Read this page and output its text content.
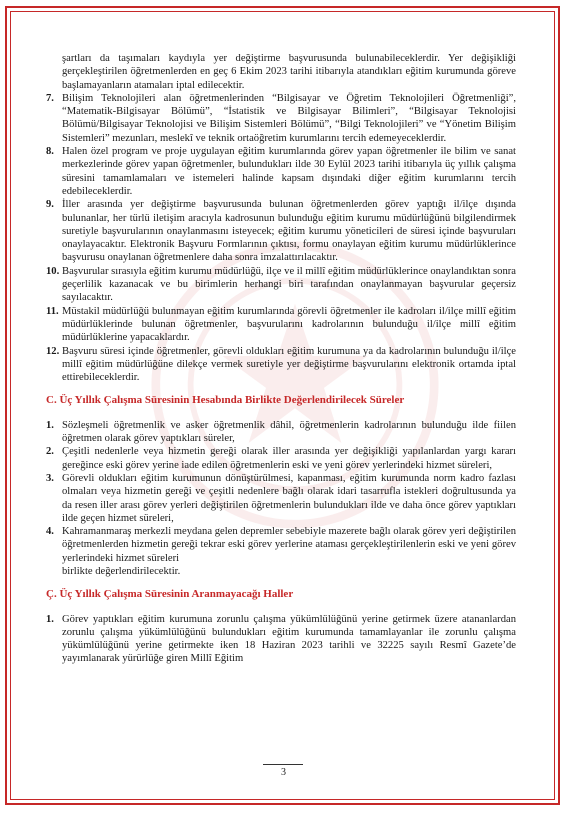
şartları da taşımaları kaydıyla yer değiştirme başvurusunda bulunabileceklerdir. Yer değişikliği gerçekleştirilen öğretmenlerden en geç 6 Ekim 2023 tarihi itibarıyla atandıkları eğitim kurumunda göreve başlamayanların atamaları iptal edilecektir.

7. Bilişim Teknolojileri alan öğretmenlerinden “Bilgisayar ve Öğretim Teknolojileri Öğretmenliği”, “Matematik-Bilgisayar Bölümü”, “İstatistik ve Bilgisayar Bilimleri”, “Bilgisayar Teknolojisi Bölümü/Bilgisayar Teknolojisi ve Bilişim Sistemleri Bölümü”, “Bilgi Teknolojileri” ve “Yönetim Bilişim Sistemleri” mezunları, meslekî ve teknik ortaöğretim kurumlarını tercih edemeyeceklerdir.
8. Halen özel program ve proje uygulayan eğitim kurumlarında görev yapan öğretmenler ile bilim ve sanat merkezlerinde görev yapan öğretmenler, bulundukları ilde 30 Eylül 2023 tarihi itibarıyla üç yıllık çalışma süresini tamamlamaları ve istemeleri halinde kapsam dışındaki diğer eğitim kurumlarını tercih edebileceklerdir.
9. İller arasında yer değiştirme başvurusunda bulunan öğretmenlerden görev yaptığı il/ilçe dışında bulunanlar, her türlü iletişim aracıyla kadrosunun bulunduğu eğitim kurumu müdürlüğünü bilgilendirmek suretiyle başvurularının onaylanmasını isteyecek; eğitim kurumu yöneticileri de süresi içinde başvuruları onaylayacaktır. Elektronik Başvuru Formlarının çıktısı, formu onaylayan eğitim kurumu müdürlüklerince başvurusu onaylanan öğretmenlere daha sonra imzalattırılacaktır.
10. Başvurular sırasıyla eğitim kurumu müdürlüğü, ilçe ve il millî eğitim müdürlüklerince onaylandıktan sonra geçerlilik kazanacak ve bu birimlerin herhangi biri tarafından onaylanmayan başvurular geçersiz sayılacaktır.
11. Müstakil müdürlüğü bulunmayan eğitim kurumlarında görevli öğretmenler ile kadroları il/ilçe millî eğitim müdürlüklerinde bulunan öğretmenler, başvurularını kadrolarının bulunduğu il/ilçe millî eğitim müdürlüklerine yapacaklardır.
12. Başvuru süresi içinde öğretmenler, görevli oldukları eğitim kurumuna ya da kadrolarının bulunduğu il/ilçe millî eğitim müdürlüğüne dilekçe vermek suretiyle yer değiştirme başvurularını elektronik ortamda iptal ettirebileceklerdir.
C. Üç Yıllık Çalışma Süresinin Hesabında Birlikte Değerlendirilecek Süreler
1. Sözleşmeli öğretmenlik ve asker öğretmenlik dâhil, öğretmenlerin kadrolarının bulunduğu ilde fiilen öğretmen olarak görev yaptıkları süreler,
2. Çeşitli nedenlerle veya hizmetin gereği olarak iller arasında yer değişikliği yapılanlardan yargı kararı gereğince eski görev yerine iade edilen öğretmenlerin eski ve yeni görev yerlerindeki hizmet süreleri,
3. Görevli oldukları eğitim kurumunun dönüştürülmesi, kapanması, eğitim kurumunda norm kadro fazlası olmaları veya hizmetin gereği ve çeşitli nedenlere bağlı olarak idari tasarrufla istekleri doğrultusunda ya da resen iller arası görev yerleri değiştirilen öğretmenlerin bulundukları ilde ve daha önce görev yaptıkları ilde geçen hizmet süreleri,
4. Kahramanmaraş merkezli meydana gelen depremler sebebiyle mazerete bağlı olarak görev yeri değiştirilen öğretmenlerden hizmetin gereği tekrar eski görev yerlerine ataması gerçekleştirilenlerin eski ve yeni görev yerlerindeki hizmet süreleri

birlikte değerlendirilecektir.

Ç. Üç Yıllık Çalışma Süresinin Aranmayacağı Haller
1. Görev yaptıkları eğitim kurumuna zorunlu çalışma yükümlülüğünü yerine getirmek üzere atananlardan zorunlu çalışma yükümlülüğünü bulundukları eğitim kurumunda tamamlayanlar ile zorunlu çalışma yükümlülüğünü yerine getirmekte iken 18 Haziran 2023 tarihli ve 32225 sayılı Resmî Gazete’de yayımlanarak yürürlüğe giren Millî Eğitim
3
